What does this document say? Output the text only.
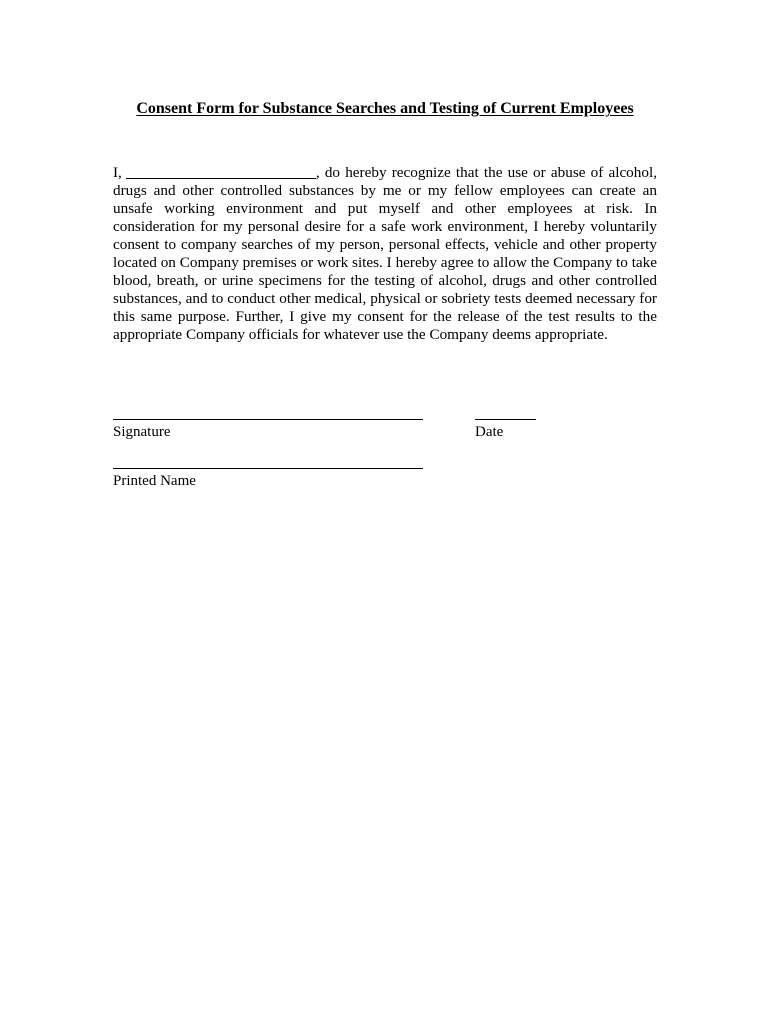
Consent Form for Substance Searches and Testing of Current Employees

I,	, do hereby recognize that the use or abuse of alcohol, drugs and other controlled substances by me or my fellow employees can create an unsafe working environment and put myself and other employees at risk. In consideration for my personal desire for a safe work environment, I hereby voluntarily consent to company searches of my person, personal effects, vehicle and other property located on Company premises or work sites. I hereby agree to allow the Company to take blood, breath, or urine specimens for the testing of alcohol, drugs and other controlled substances, and to conduct other medical, physical or sobriety tests deemed necessary for this same purpose. Further, I give my consent for the release of the test results to the appropriate Company officials for whatever use the Company deems appropriate.

Signature	Date

Printed Name
